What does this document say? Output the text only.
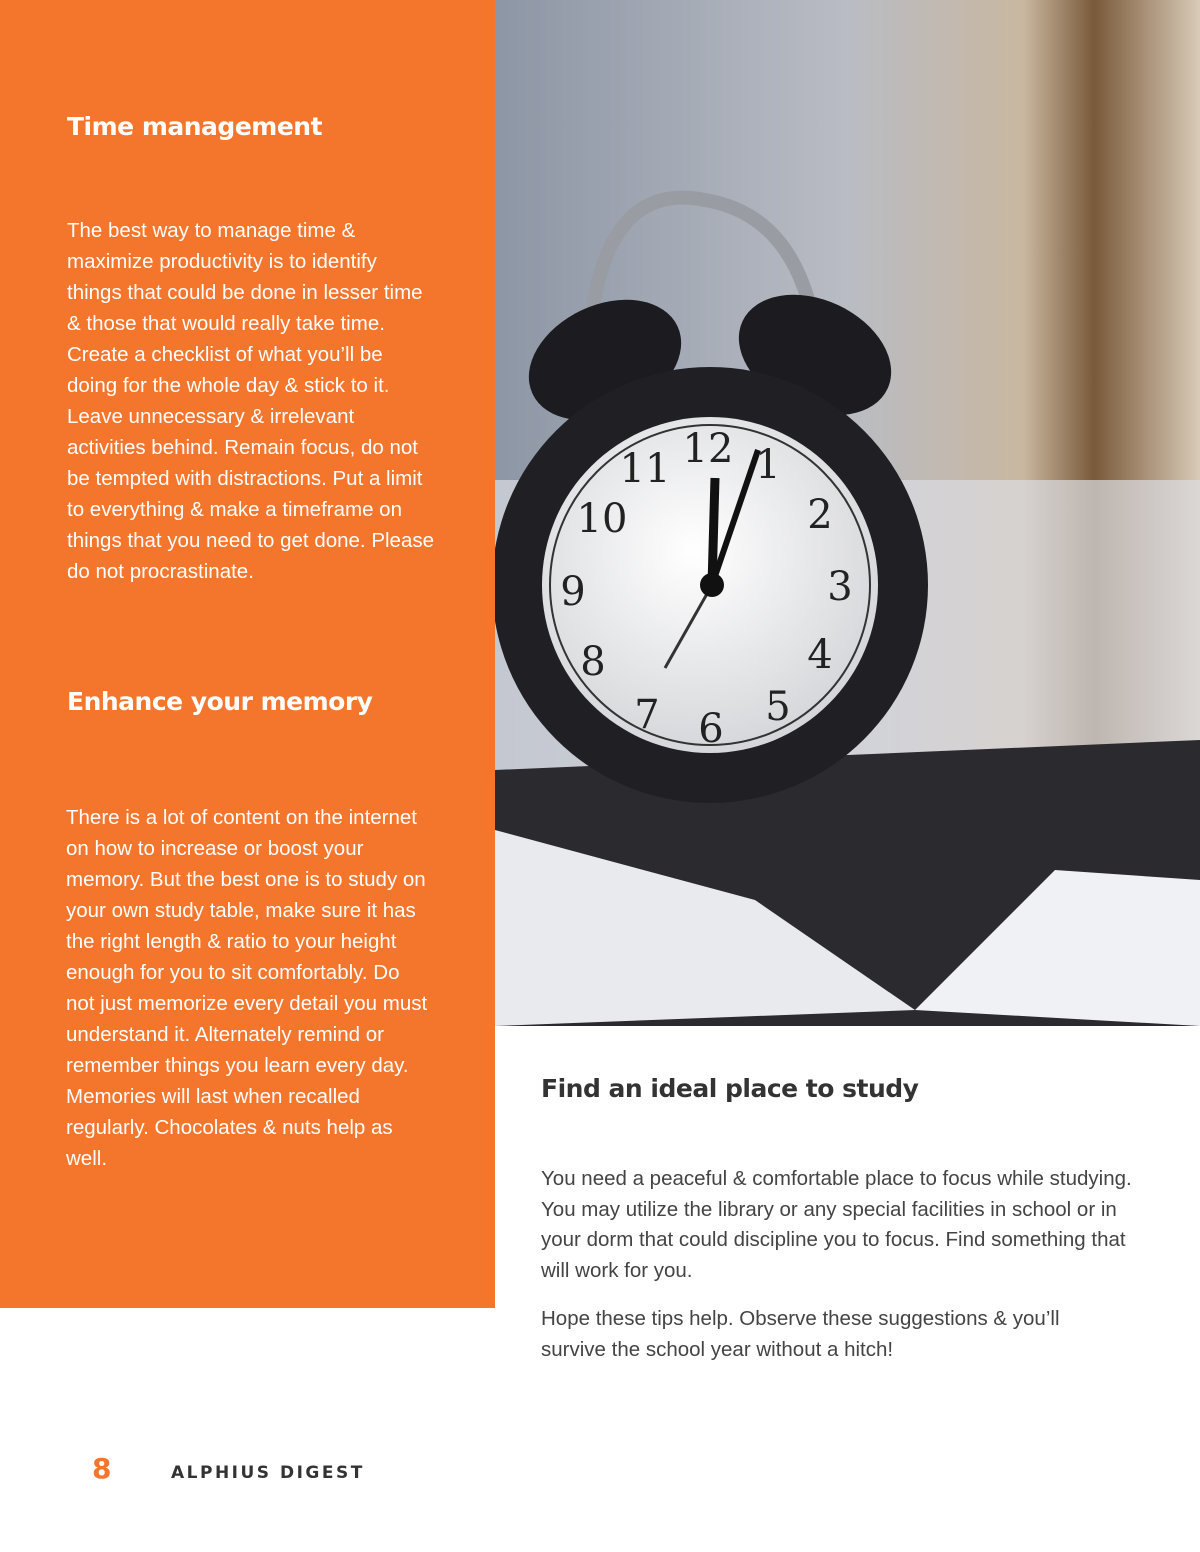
Time management

The best way to manage time & maximize productivity is to identify things that could be done in lesser time & those that would really take time. Create a checklist of what you’ll be doing for the whole day & stick to it. Leave unnecessary & irrelevant activities behind. Remain focus, do not be tempted with distractions. Put a limit to everything & make a timeframe on things that you need to get done. Please do not procrastinate.

Enhance your memory

There is a lot of content on the internet on how to increase or boost your memory. But the best one is to study on your own study table, make sure it has the right length & ratio to your height enough for you to sit comfortably. Do not just memorize every detail you must understand it. Alternately remind or remember things you learn every day. Memories will last when recalled regularly. Chocolates & nuts help as well.

12 1
2
3
4
5
6
7
8
9
10
11
Find an ideal place to study

You need a peaceful & comfortable place to focus while studying. You may utilize the library or any special facilities in school or in your dorm that could discipline you to focus. Find something that will work for you.

Hope these tips help. Observe these suggestions & you’ll survive the school year without a hitch!

8	ALPHIUS DIGEST
